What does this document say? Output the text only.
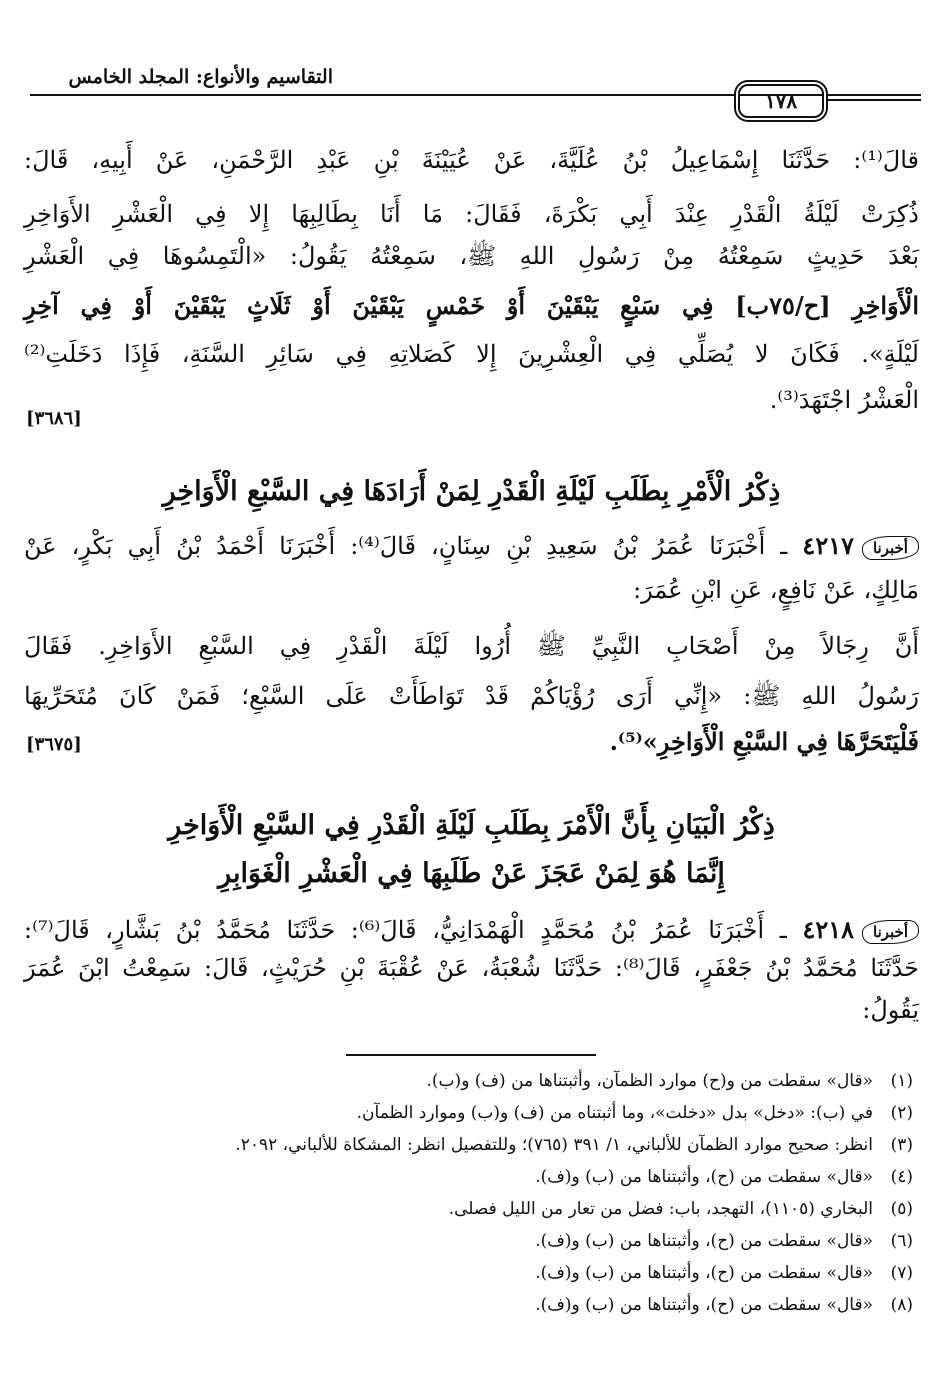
التقاسيم والأنواع: المجلد الخامس
١٧٨
قالَ⁽¹⁾: حَدَّثَنَا إِسْمَاعِيلُ بْنُ عُلَيَّةَ، عَنْ عُيَيْنَةَ بْنِ عَبْدِ الرَّحْمَنِ، عَنْ أَبِيهِ، قَالَ:
ذُكِرَتْ لَيْلَةُ الْقَدْرِ عِنْدَ أَبِي بَكْرَةَ، فَقَالَ: مَا أَنَا بِطَالِبِهَا إِلا فِي الْعَشْرِ الأَوَاخِرِ
بَعْدَ حَدِيثٍ سَمِعْتُهُ مِنْ رَسُولِ اللهِ ﷺ، سَمِعْتُهُ يَقُولُ: «الْتَمِسُوهَا فِي الْعَشْرِ
الْأَوَاخِرِ [ح/٧٥ب] فِي سَبْعٍ يَبْقَيْنَ أَوْ خَمْسٍ يَبْقَيْنَ أَوْ ثَلَاثٍ يَبْقَيْنَ أَوْ فِي آخِرِ
لَيْلَةٍ». فَكَانَ لا يُصَلِّي فِي الْعِشْرِينَ إِلا كَصَلاتِهِ فِي سَائِرِ السَّنَةِ، فَإِذَا دَخَلَتِ⁽²⁾
الْعَشْرُ اجْتَهَدَ⁽³⁾.
[٣٦٨٦]
ذِكْرُ الْأَمْرِ بِطَلَبِ لَيْلَةِ الْقَدْرِ لِمَنْ أَرَادَهَا فِي السَّبْعِ الْأَوَاخِرِ
أخبرنا٤٢١٧ ـ أَخْبَرَنَا عُمَرُ بْنُ سَعِيدِ بْنِ سِنَانٍ، قَالَ⁽⁴⁾: أَخْبَرَنَا أَحْمَدُ بْنُ أَبِي بَكْرٍ، عَنْ
مَالِكٍ، عَنْ نَافِعٍ، عَنِ ابْنِ عُمَرَ:
أَنَّ رِجَالاً مِنْ أَصْحَابِ النَّبِيِّ ﷺ أُرُوا لَيْلَةَ الْقَدْرِ فِي السَّبْعِ الأَوَاخِرِ. فَقَالَ
رَسُولُ اللهِ ﷺ: «إِنِّي أَرَى رُؤْيَاكُمْ قَدْ تَوَاطَأَتْ عَلَى السَّبْعِ؛ فَمَنْ كَانَ مُتَحَرِّيهَا
فَلْيَتَحَرَّهَا فِي السَّبْعِ الْأَوَاخِرِ»⁽⁵⁾.
[٣٦٧٥]
ذِكْرُ الْبَيَانِ بِأَنَّ الْأَمْرَ بِطَلَبِ لَيْلَةِ الْقَدْرِ فِي السَّبْعِ الْأَوَاخِرِ
إِنَّمَا هُوَ لِمَنْ عَجَزَ عَنْ طَلَبِهَا فِي الْعَشْرِ الْغَوَابِرِ
أخبرنا٤٢١٨ ـ أَخْبَرَنَا عُمَرُ بْنُ مُحَمَّدٍ الْهَمْدَانِيُّ، قَالَ⁽⁶⁾: حَدَّثَنَا مُحَمَّدُ بْنُ بَشَّارٍ، قَالَ⁽⁷⁾:
حَدَّثَنَا مُحَمَّدُ بْنُ جَعْفَرٍ، قَالَ⁽⁸⁾: حَدَّثَنَا شُعْبَةُ، عَنْ عُقْبَةَ بْنِ حُرَيْثٍ، قَالَ: سَمِعْتُ ابْنَ عُمَرَ
يَقُولُ:
(١)«قال» سقطت من و(ح) موارد الظمآن، وأثبتناها من (ف) و(ب).
(٢)في (ب): «دخل» بدل «دخلت»، وما أثبتناه من (ف) و(ب) وموارد الظمآن.
(٣)انظر: صحيح موارد الظمآن للألباني، ١/ ٣٩١ (٧٦٥)؛ وللتفصيل انظر: المشكاة للألباني، ٢٠٩٢.
(٤)«قال» سقطت من (ح)، وأثبتناها من (ب) و(ف).
(٥)البخاري (١١٠٥)، التهجد، باب: فضل من تعار من الليل فصلى.
(٦)«قال» سقطت من (ح)، وأثبتناها من (ب) و(ف).
(٧)«قال» سقطت من (ح)، وأثبتناها من (ب) و(ف).
(٨)«قال» سقطت من (ح)، وأثبتناها من (ب) و(ف).
